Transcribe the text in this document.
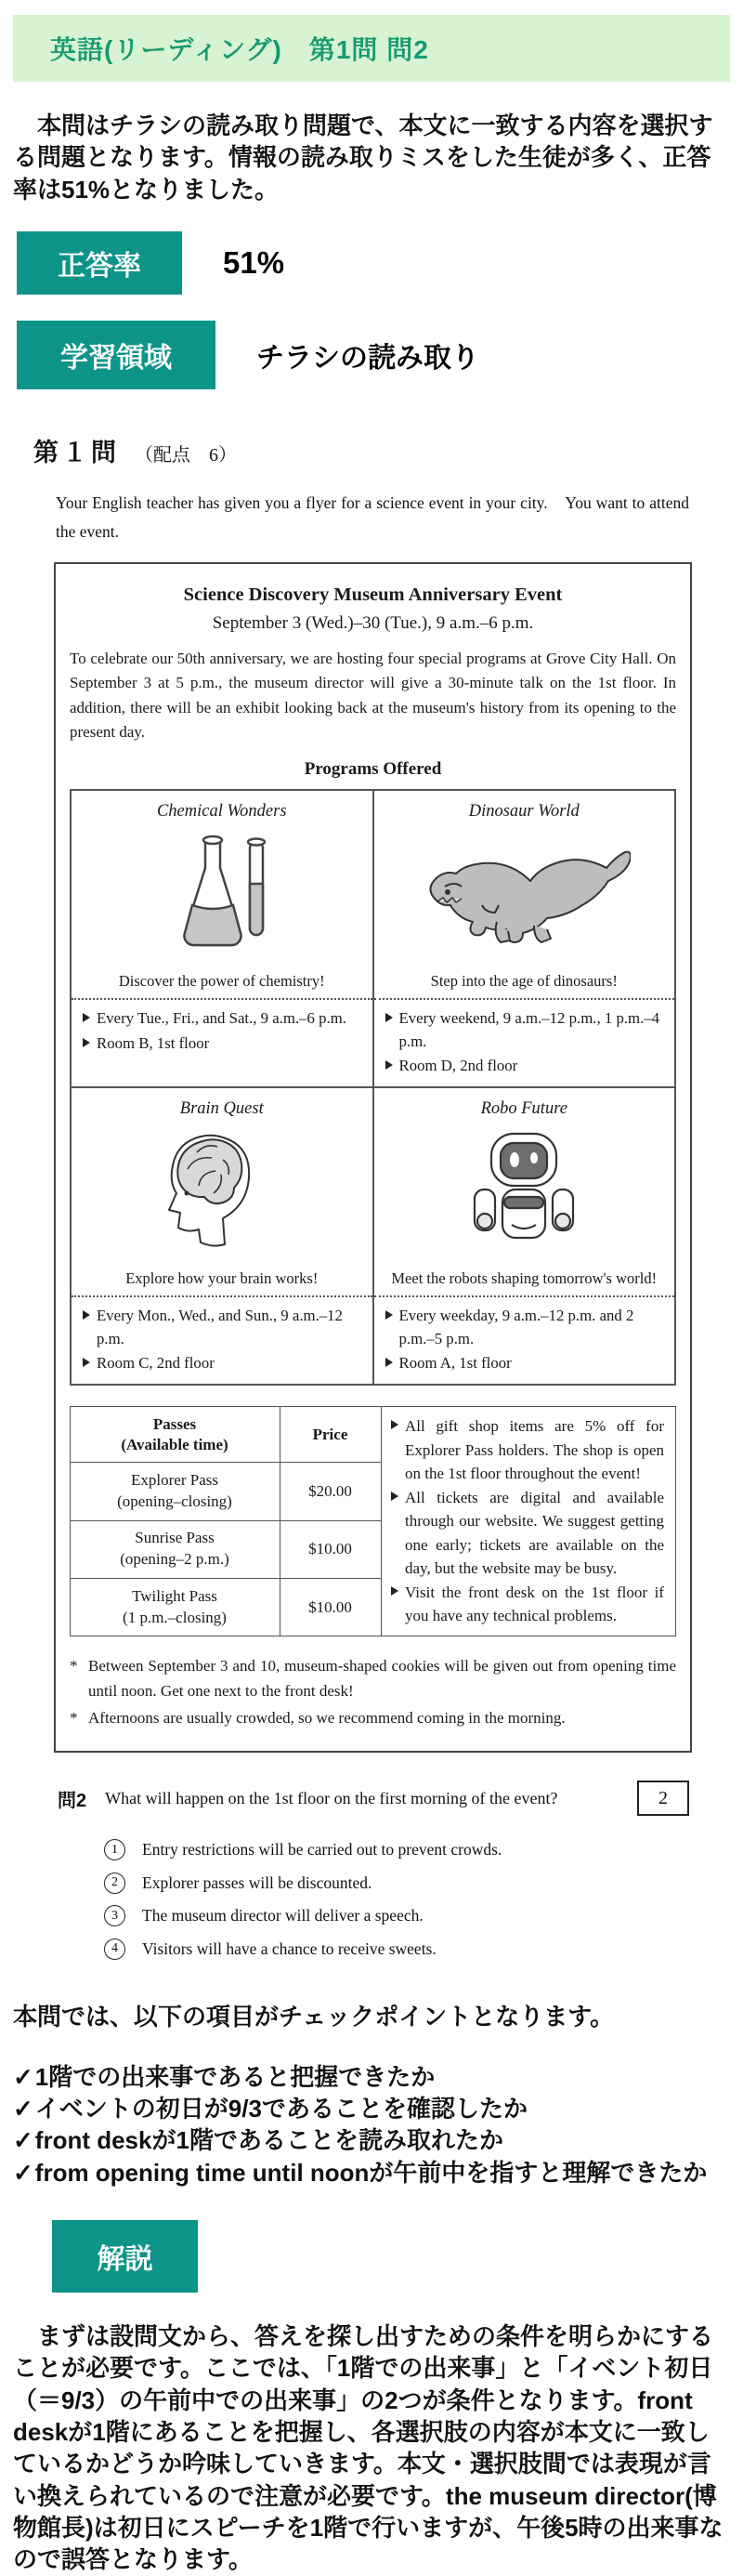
英語(リーディング)　第1問 問2
　本問はチラシの読み取り問題で、本文に一致する内容を選択する問題となります。情報の読み取りミスをした生徒が多く、正答率は51%となりました。
正答率	51%
学習領域	チラシの読み取り
第１問 （配点　6）
Your English teacher has given you a flyer for a science event in your city.　You want to attend the event.
Science Discovery Museum Anniversary Event
September 3 (Wed.)–30 (Tue.), 9 a.m.–6 p.m.
To celebrate our 50th anniversary, we are hosting four special programs at Grove City Hall. On September 3 at 5 p.m., the museum director will give a 30-minute talk on the 1st floor. In addition, there will be an exhibit looking back at the museum's history from its opening to the present day.
Programs Offered
Chemical Wonders
Discover the power of chemistry!
Every Tue., Fri., and Sat., 9 a.m.–6 p.m.
Room B, 1st floor
Dinosaur World
Step into the age of dinosaurs!
Every weekend, 9 a.m.–12 p.m., 1 p.m.–4 p.m.
Room D, 2nd floor
Brain Quest
Explore how your brain works!
Every Mon., Wed., and Sun., 9 a.m.–12 p.m.
Room C, 2nd floor
Robo Future
Meet the robots shaping tomorrow's world!
Every weekday, 9 a.m.–12 p.m. and 2 p.m.–5 p.m.
Room A, 1st floor
Passes
(Available time)	Price

Explorer Pass
(opening–closing)	$20.00

Sunrise Pass
(opening–2 p.m.)	$10.00

Twilight Pass
(1 p.m.–closing)	$10.00
All gift shop items are 5% off for Explorer Pass holders. The shop is open on the 1st floor throughout the event!
All tickets are digital and available through our website. We suggest getting one early; tickets are available on the day, but the website may be busy.
Visit the front desk on the 1st floor if you have any technical problems.
* Between September 3 and 10, museum-shaped cookies will be given out from opening time until noon. Get one next to the front desk!
* Afternoons are usually crowded, so we recommend coming in the morning.
問2 What will happen on the 1st floor on the first morning of the event?	2
1	Entry restrictions will be carried out to prevent crowds.
2	Explorer passes will be discounted.
3	The museum director will deliver a speech.
4	Visitors will have a chance to receive sweets.
本問では、以下の項目がチェックポイントとなります。
✓1階での出来事であると把握できたか
✓イベントの初日が9/3であることを確認したか
✓front deskが1階であることを読み取れたか
✓from opening time until noonが午前中を指すと理解できたか
解説
　まずは設問文から、答えを探し出すための条件を明らかにすることが必要です。ここでは、「1階での出来事」と「イベント初日（＝9/3）の午前中での出来事」の2つが条件となります。front deskが1階にあることを把握し、各選択肢の内容が本文に一致しているかどうか吟味していきます。本文・選択肢間では表現が言い換えられているので注意が必要です。the museum director(博物館長)は初日にスピーチを1階で行いますが、午後5時の出来事なので誤答となります。
